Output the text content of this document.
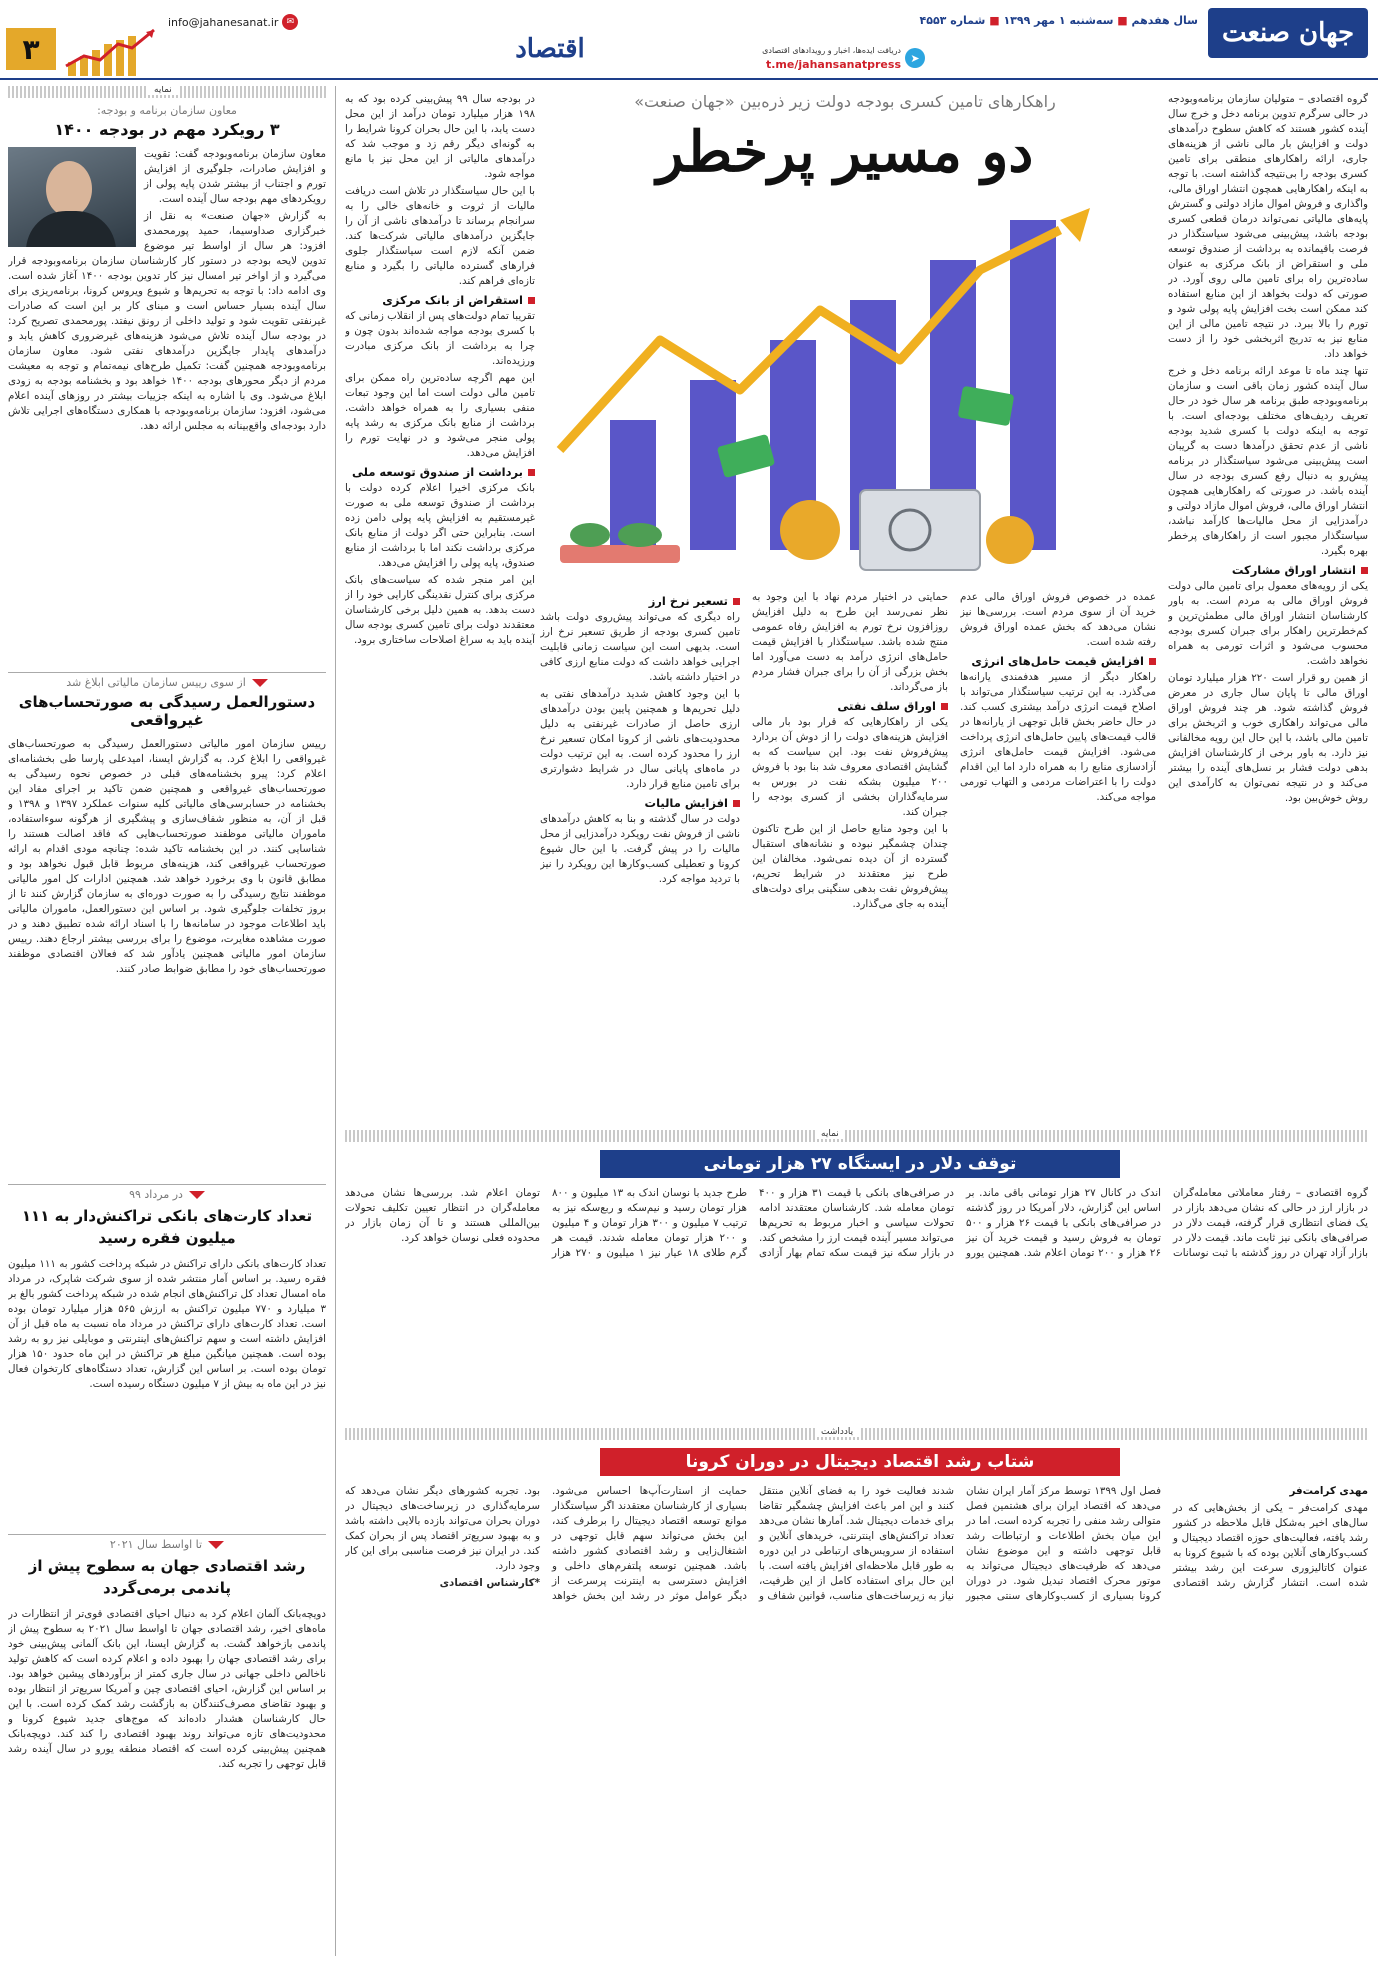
جهان صنعت
سال هفدهم ■ سه‌شنبه ۱ مهر ۱۳۹۹ ■ شماره ۴۵۵۳
➤
دریافت ایده‌ها، اخبار و رویدادهای اقتصادی
t.me/jahansanatpress
اقتصاد
info@jahanesanat.ir ✉
۳
راهکارهای تامین کسری بودجه دولت زیر ذره‌بین «جهان صنعت»
دو مسیر پرخطر

گروه اقتصادی – متولیان سازمان برنامه‌وبودجه در حالی سرگرم تدوین برنامه دخل و خرج سال آینده کشور هستند که کاهش سطوح درآمدهای دولت و افزایش بار مالی ناشی از هزینه‌های جاری، ارائه راهکارهای منطقی برای تامین کسری بودجه را بی‌نتیجه گذاشته است. با توجه به اینکه راهکارهایی همچون انتشار اوراق مالی، واگذاری و فروش اموال مازاد دولتی و گسترش پایه‌های مالیاتی نمی‌تواند درمان قطعی کسری بودجه باشد، پیش‌بینی می‌شود سیاستگذار در فرصت باقیمانده به برداشت از صندوق توسعه ملی و استقراض از بانک مرکزی به عنوان ساده‌ترین راه برای تامین مالی روی آورد. در صورتی که دولت بخواهد از این منابع استفاده کند ممکن است بخت افزایش پایه پولی شود و تورم را بالا ببرد. در نتیجه تامین مالی از این منابع نیز به تدریج اثربخشی خود را از دست خواهد داد.

تنها چند ماه تا موعد ارائه برنامه دخل و خرج سال آینده کشور زمان باقی است و سازمان برنامه‌وبودجه طبق برنامه هر سال خود در حال تعریف ردیف‌های مختلف بودجه‌ای است. با توجه به اینکه دولت با کسری شدید بودجه ناشی از عدم تحقق درآمدها دست به گریبان است پیش‌بینی می‌شود سیاستگذار در برنامه پیش‌رو به دنبال رفع کسری بودجه در سال آینده باشد. در صورتی که راهکارهایی همچون انتشار اوراق مالی، فروش اموال مازاد دولتی و درآمدزایی از محل مالیات‌ها کارآمد نباشد، سیاستگذار مجبور است از راهکارهای پرخطر بهره بگیرد.

انتشار اوراق مشارکت

یکی از رویه‌های معمول برای تامین مالی دولت فروش اوراق مالی به مردم است. به باور کارشناسان انتشار اوراق مالی مطمئن‌ترین و کم‌خطرترین راهکار برای جبران کسری بودجه محسوب می‌شود و اثرات تورمی به همراه نخواهد داشت.

از همین رو قرار است ۲۲۰ هزار میلیارد تومان اوراق مالی تا پایان سال جاری در معرض فروش گذاشته شود. هر چند فروش اوراق مالی می‌تواند راهکاری خوب و اثربخش برای تامین مالی باشد، با این حال این رویه مخالفانی نیز دارد. به باور برخی از کارشناسان افزایش بدهی دولت فشار بر نسل‌های آینده را بیشتر می‌کند و در نتیجه نمی‌توان به کارآمدی این روش خوش‌بین بود.

عمده در خصوص فروش اوراق مالی عدم خرید آن از سوی مردم است. بررسی‌ها نیز نشان می‌دهد که بخش عمده اوراق فروش رفته شده است.

افزایش قیمت حامل‌های انرژی

راهکار دیگر از مسیر هدفمندی یارانه‌ها می‌گذرد. به این ترتیب سیاستگذار می‌تواند با اصلاح قیمت انرژی درآمد بیشتری کسب کند. در حال حاضر بخش قابل توجهی از یارانه‌ها در قالب قیمت‌های پایین حامل‌های انرژی پرداخت می‌شود. افزایش قیمت حامل‌های انرژی آزادسازی منابع را به همراه دارد اما این اقدام دولت را با اعتراضات مردمی و التهاب تورمی مواجه می‌کند.

حمایتی در اختیار مردم نهاد با این وجود به نظر نمی‌رسد این طرح به دلیل افزایش روزافزون نرخ تورم به افزایش رفاه عمومی منتج شده باشد. سیاستگذار با افزایش قیمت حامل‌های انرژی درآمد به دست می‌آورد اما بخش بزرگی از آن را برای جبران فشار مردم باز می‌گرداند.

اوراق سلف نفتی

یکی از راهکارهایی که قرار بود بار مالی افزایش هزینه‌های دولت را از دوش آن بردارد پیش‌فروش نفت بود. این سیاست که به گشایش اقتصادی معروف شد بنا بود با فروش ۲۰۰ میلیون بشکه نفت در بورس به سرمایه‌گذاران بخشی از کسری بودجه را جبران کند.

با این وجود منابع حاصل از این طرح تاکنون چندان چشمگیر نبوده و نشانه‌های استقبال گسترده از آن دیده نمی‌شود. مخالفان این طرح نیز معتقدند در شرایط تحریم، پیش‌فروش نفت بدهی سنگینی برای دولت‌های آینده به جای می‌گذارد.

تسعیر نرخ ارز

راه دیگری که می‌تواند پیش‌روی دولت باشد تامین کسری بودجه از طریق تسعیر نرخ ارز است. بدیهی است این سیاست زمانی قابلیت اجرایی خواهد داشت که دولت منابع ارزی کافی در اختیار داشته باشد.

با این وجود کاهش شدید درآمدهای نفتی به دلیل تحریم‌ها و همچنین پایین بودن درآمدهای ارزی حاصل از صادرات غیرنفتی به دلیل محدودیت‌های ناشی از کرونا امکان تسعیر نرخ ارز را محدود کرده است. به این ترتیب دولت در ماه‌های پایانی سال در شرایط دشوارتری برای تامین منابع قرار دارد.

افزایش مالیات

دولت در سال گذشته و بنا به کاهش درآمدهای ناشی از فروش نفت رویکرد درآمدزایی از محل مالیات را در پیش گرفت. با این حال شیوع کرونا و تعطیلی کسب‌وکارها این رویکرد را نیز با تردید مواجه کرد.

در بودجه سال ۹۹ پیش‌بینی کرده بود که به ۱۹۸ هزار میلیارد تومان درآمد از این محل دست یابد، با این حال بحران کرونا شرایط را به گونه‌ای دیگر رقم زد و موجب شد که درآمدهای مالیاتی از این محل نیز با مانع مواجه شود.

با این حال سیاستگذار در تلاش است دریافت مالیات از ثروت و خانه‌های خالی را به سرانجام برساند تا درآمدهای ناشی از آن را جایگزین درآمدهای مالیاتی شرکت‌ها کند. ضمن آنکه لازم است سیاستگذار جلوی فرارهای گسترده مالیاتی را بگیرد و منابع تازه‌ای فراهم کند.

استقراض از بانک مرکزی

تقریبا تمام دولت‌های پس از انقلاب زمانی که با کسری بودجه مواجه شده‌اند بدون چون و چرا به برداشت از بانک مرکزی مبادرت ورزیده‌اند.

این مهم اگرچه ساده‌ترین راه ممکن برای تامین مالی دولت است اما این وجود تبعات منفی بسیاری را به همراه خواهد داشت. برداشت از منابع بانک مرکزی به رشد پایه پولی منجر می‌شود و در نهایت تورم را افزایش می‌دهد.

برداشت از صندوق توسعه ملی

بانک مرکزی اخیرا اعلام کرده دولت با برداشت از صندوق توسعه ملی به صورت غیرمستقیم به افزایش پایه پولی دامن زده است. بنابراین حتی اگر دولت از منابع بانک مرکزی برداشت نکند اما با برداشت از منابع صندوق، پایه پولی را افزایش می‌دهد.

این امر منجر شده که سیاست‌های بانک مرکزی برای کنترل نقدینگی کارایی خود را از دست بدهد. به همین دلیل برخی کارشناسان معتقدند دولت برای تامین کسری بودجه سال آینده باید به سراغ اصلاحات ساختاری برود.

نمایه
معاون سازمان برنامه و بودجه:
۳ رویکرد مهم در بودجه ۱۴۰۰

معاون سازمان برنامه‌وبودجه گفت: تقویت و افزایش صادرات، جلوگیری از افزایش تورم و اجتناب از بیشتر شدن پایه پولی از رویکردهای مهم بودجه سال آینده است.

به گزارش «جهان صنعت» به نقل از خبرگزاری صداوسیما، حمید پورمحمدی افزود: هر سال از اواسط تیر موضوع تدوین لایحه بودجه در دستور کار کارشناسان سازمان برنامه‌وبودجه قرار می‌گیرد و از اواخر تیر امسال نیز کار تدوین بودجه ۱۴۰۰ آغاز شده است. وی ادامه داد: با توجه به تحریم‌ها و شیوع ویروس کرونا، برنامه‌ریزی برای سال آینده بسیار حساس است و مبنای کار بر این است که صادرات غیرنفتی تقویت شود و تولید داخلی از رونق نیفتد. پورمحمدی تصریح کرد: در بودجه سال آینده تلاش می‌شود هزینه‌های غیرضروری کاهش یابد و درآمدهای پایدار جایگزین درآمدهای نفتی شود. معاون سازمان برنامه‌وبودجه همچنین گفت: تکمیل طرح‌های نیمه‌تمام و توجه به معیشت مردم از دیگر محورهای بودجه ۱۴۰۰ خواهد بود و بخشنامه بودجه به زودی ابلاغ می‌شود. وی با اشاره به اینکه جزییات بیشتر در روزهای آینده اعلام می‌شود، افزود: سازمان برنامه‌وبودجه با همکاری دستگاه‌های اجرایی تلاش دارد بودجه‌ای واقع‌بینانه به مجلس ارائه دهد.

از سوی رییس سازمان مالیاتی ابلاغ شد
دستورالعمل رسیدگی به صورتحساب‌های غیرواقعی

رییس سازمان امور مالیاتی دستورالعمل رسیدگی به صورتحساب‌های غیرواقعی را ابلاغ کرد. به گزارش ایسنا، امیدعلی پارسا طی بخشنامه‌ای اعلام کرد: پیرو بخشنامه‌های قبلی در خصوص نحوه رسیدگی به صورتحساب‌های غیرواقعی و همچنین ضمن تاکید بر اجرای مفاد این بخشنامه در حسابرسی‌های مالیاتی کلیه سنوات عملکرد ۱۳۹۷ و ۱۳۹۸ و قبل از آن، به منظور شفاف‌سازی و پیشگیری از هرگونه سوءاستفاده، ماموران مالیاتی موظفند صورتحساب‌هایی که فاقد اصالت هستند را شناسایی کنند. در این بخشنامه تاکید شده: چنانچه مودی اقدام به ارائه صورتحساب غیرواقعی کند، هزینه‌های مربوط قابل قبول نخواهد بود و مطابق قانون با وی برخورد خواهد شد. همچنین ادارات کل امور مالیاتی موظفند نتایج رسیدگی را به صورت دوره‌ای به سازمان گزارش کنند تا از بروز تخلفات جلوگیری شود. بر اساس این دستورالعمل، ماموران مالیاتی باید اطلاعات موجود در سامانه‌ها را با اسناد ارائه شده تطبیق دهند و در صورت مشاهده مغایرت، موضوع را برای بررسی بیشتر ارجاع دهند. رییس سازمان امور مالیاتی همچنین یادآور شد که فعالان اقتصادی موظفند صورتحساب‌های خود را مطابق ضوابط صادر کنند.

در مرداد ۹۹
تعداد کارت‌های بانکی تراکنش‌دار به ۱۱۱ میلیون فقره رسید

تعداد کارت‌های بانکی دارای تراکنش در شبکه پرداخت کشور به ۱۱۱ میلیون فقره رسید. بر اساس آمار منتشر شده از سوی شرکت شاپرک، در مرداد ماه امسال تعداد کل تراکنش‌های انجام شده در شبکه پرداخت کشور بالغ بر ۳ میلیارد و ۷۷۰ میلیون تراکنش به ارزش ۵۶۵ هزار میلیارد تومان بوده است. تعداد کارت‌های دارای تراکنش در مرداد ماه نسبت به ماه قبل از آن افزایش داشته است و سهم تراکنش‌های اینترنتی و موبایلی نیز رو به رشد بوده است. همچنین میانگین مبلغ هر تراکنش در این ماه حدود ۱۵۰ هزار تومان بوده است. بر اساس این گزارش، تعداد دستگاه‌های کارتخوان فعال نیز در این ماه به بیش از ۷ میلیون دستگاه رسیده است.

تا اواسط سال ۲۰۲۱
رشد اقتصادی جهان به سطوح پیش از پاندمی برمی‌گردد

دویچه‌بانک آلمان اعلام کرد به دنبال احیای اقتصادی قوی‌تر از انتظارات در ماه‌های اخیر، رشد اقتصادی جهان تا اواسط سال ۲۰۲۱ به سطوح پیش از پاندمی بازخواهد گشت. به گزارش ایسنا، این بانک آلمانی پیش‌بینی خود برای رشد اقتصادی جهان را بهبود داده و اعلام کرده است که کاهش تولید ناخالص داخلی جهانی در سال جاری کمتر از برآوردهای پیشین خواهد بود. بر اساس این گزارش، احیای اقتصادی چین و آمریکا سریع‌تر از انتظار بوده و بهبود تقاضای مصرف‌کنندگان به بازگشت رشد کمک کرده است. با این حال کارشناسان هشدار داده‌اند که موج‌های جدید شیوع کرونا و محدودیت‌های تازه می‌تواند روند بهبود اقتصادی را کند کند. دویچه‌بانک همچنین پیش‌بینی کرده است که اقتصاد منطقه یورو در سال آینده رشد قابل توجهی را تجربه کند.

نمایه
توقف دلار در ایستگاه ۲۷ هزار تومانی

گروه اقتصادی – رفتار معاملاتی معامله‌گران در بازار ارز در حالی که نشان می‌دهد بازار در یک فضای انتظاری قرار گرفته، قیمت دلار در صرافی‌های بانکی نیز ثابت ماند. قیمت دلار در بازار آزاد تهران در روز گذشته با ثبت نوسانات اندک در کانال ۲۷ هزار تومانی باقی ماند. بر اساس این گزارش، دلار آمریکا در روز گذشته در صرافی‌های بانکی با قیمت ۲۶ هزار و ۵۰۰ تومان به فروش رسید و قیمت خرید آن نیز ۲۶ هزار و ۲۰۰ تومان اعلام شد. همچنین یورو در صرافی‌های بانکی با قیمت ۳۱ هزار و ۴۰۰ تومان معامله شد. کارشناسان معتقدند ادامه تحولات سیاسی و اخبار مربوط به تحریم‌ها می‌تواند مسیر آینده قیمت ارز را مشخص کند. در بازار سکه نیز قیمت سکه تمام بهار آزادی طرح جدید با نوسان اندک به ۱۳ میلیون و ۸۰۰ هزار تومان رسید و نیم‌سکه و ربع‌سکه نیز به ترتیب ۷ میلیون و ۳۰۰ هزار تومان و ۴ میلیون و ۲۰۰ هزار تومان معامله شدند. قیمت هر گرم طلای ۱۸ عیار نیز ۱ میلیون و ۲۷۰ هزار تومان اعلام شد. بررسی‌ها نشان می‌دهد معامله‌گران در انتظار تعیین تکلیف تحولات بین‌المللی هستند و تا آن زمان بازار در محدوده فعلی نوسان خواهد کرد.

یادداشت
شتاب رشد اقتصاد دیجیتال در دوران کرونا

مهدی کرامت‌فر

مهدی کرامت‌فر – یکی از بخش‌هایی که در سال‌های اخیر به‌شکل قابل ملاحظه در کشور رشد یافته، فعالیت‌های حوزه اقتصاد دیجیتال و کسب‌وکارهای آنلاین بوده که با شیوع کرونا به عنوان کاتالیزوری سرعت این رشد بیشتر شده است. انتشار گزارش رشد اقتصادی فصل اول ۱۳۹۹ توسط مرکز آمار ایران نشان می‌دهد که اقتصاد ایران برای هشتمین فصل متوالی رشد منفی را تجربه کرده است. اما در این میان بخش اطلاعات و ارتباطات رشد قابل توجهی داشته و این موضوع نشان می‌دهد که ظرفیت‌های دیجیتال می‌تواند به موتور محرک اقتصاد تبدیل شود. در دوران کرونا بسیاری از کسب‌وکارهای سنتی مجبور شدند فعالیت خود را به فضای آنلاین منتقل کنند و این امر باعث افزایش چشمگیر تقاضا برای خدمات دیجیتال شد. آمارها نشان می‌دهد تعداد تراکنش‌های اینترنتی، خریدهای آنلاین و استفاده از سرویس‌های ارتباطی در این دوره به طور قابل ملاحظه‌ای افزایش یافته است. با این حال برای استفاده کامل از این ظرفیت، نیاز به زیرساخت‌های مناسب، قوانین شفاف و حمایت از استارت‌آپ‌ها احساس می‌شود. بسیاری از کارشناسان معتقدند اگر سیاستگذار موانع توسعه اقتصاد دیجیتال را برطرف کند، این بخش می‌تواند سهم قابل توجهی در اشتغال‌زایی و رشد اقتصادی کشور داشته باشد. همچنین توسعه پلتفرم‌های داخلی و افزایش دسترسی به اینترنت پرسرعت از دیگر عوامل موثر در رشد این بخش خواهد بود. تجربه کشورهای دیگر نشان می‌دهد که سرمایه‌گذاری در زیرساخت‌های دیجیتال در دوران بحران می‌تواند بازده بالایی داشته باشد و به بهبود سریع‌تر اقتصاد پس از بحران کمک کند. در ایران نیز فرصت مناسبی برای این کار وجود دارد.

*کارشناس اقتصادی
